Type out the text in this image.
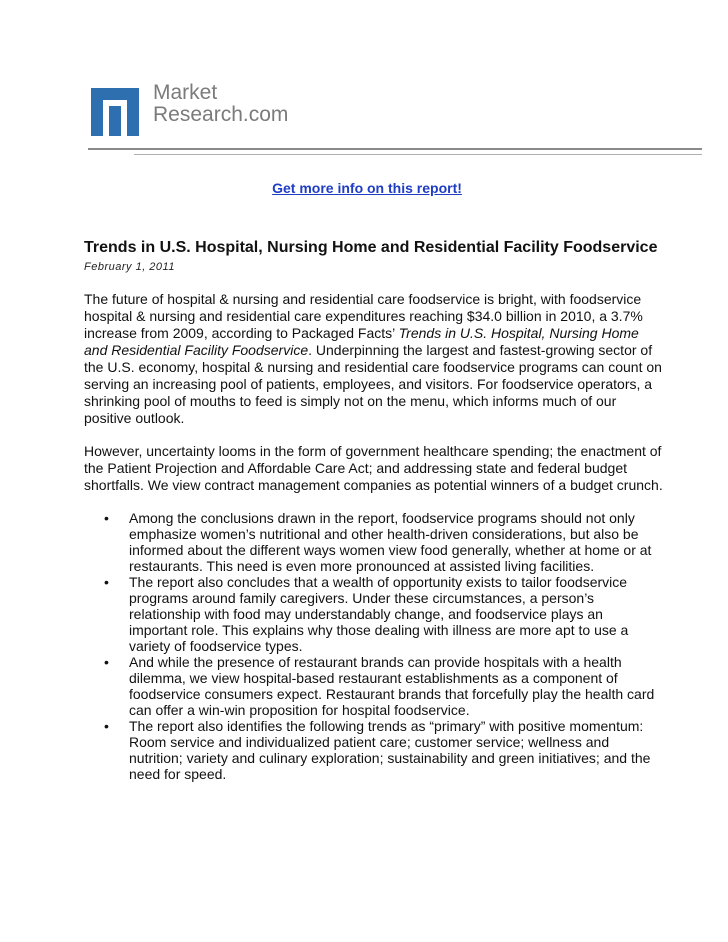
Market
Research.com
Get more info on this report!
Trends in U.S. Hospital, Nursing Home and Residential Facility Foodservice
February 1, 2011

The future of hospital & nursing and residential care foodservice is bright, with foodservice hospital & nursing and residential care expenditures reaching $34.0 billion in 2010, a 3.7% increase from 2009, according to Packaged Facts’ Trends in U.S. Hospital, Nursing Home and Residential Facility Foodservice. Underpinning the largest and fastest-growing sector of the U.S. economy, hospital & nursing and residential care foodservice programs can count on serving an increasing pool of patients, employees, and visitors. For foodservice operators, a shrinking pool of mouths to feed is simply not on the menu, which informs much of our positive outlook.

However, uncertainty looms in the form of government healthcare spending; the enactment of the Patient Projection and Affordable Care Act; and addressing state and federal budget shortfalls. We view contract management companies as potential winners of a budget crunch.

• Among the conclusions drawn in the report, foodservice programs should not only emphasize women’s nutritional and other health-driven considerations, but also be informed about the different ways women view food generally, whether at home or at restaurants. This need is even more pronounced at assisted living facilities.
• The report also concludes that a wealth of opportunity exists to tailor foodservice programs around family caregivers. Under these circumstances, a person’s relationship with food may understandably change, and foodservice plays an important role. This explains why those dealing with illness are more apt to use a variety of foodservice types.
• And while the presence of restaurant brands can provide hospitals with a health dilemma, we view hospital-based restaurant establishments as a component of foodservice consumers expect. Restaurant brands that forcefully play the health card can offer a win-win proposition for hospital foodservice.
• The report also identifies the following trends as “primary” with positive momentum: Room service and individualized patient care; customer service; wellness and nutrition; variety and culinary exploration; sustainability and green initiatives; and the need for speed.
